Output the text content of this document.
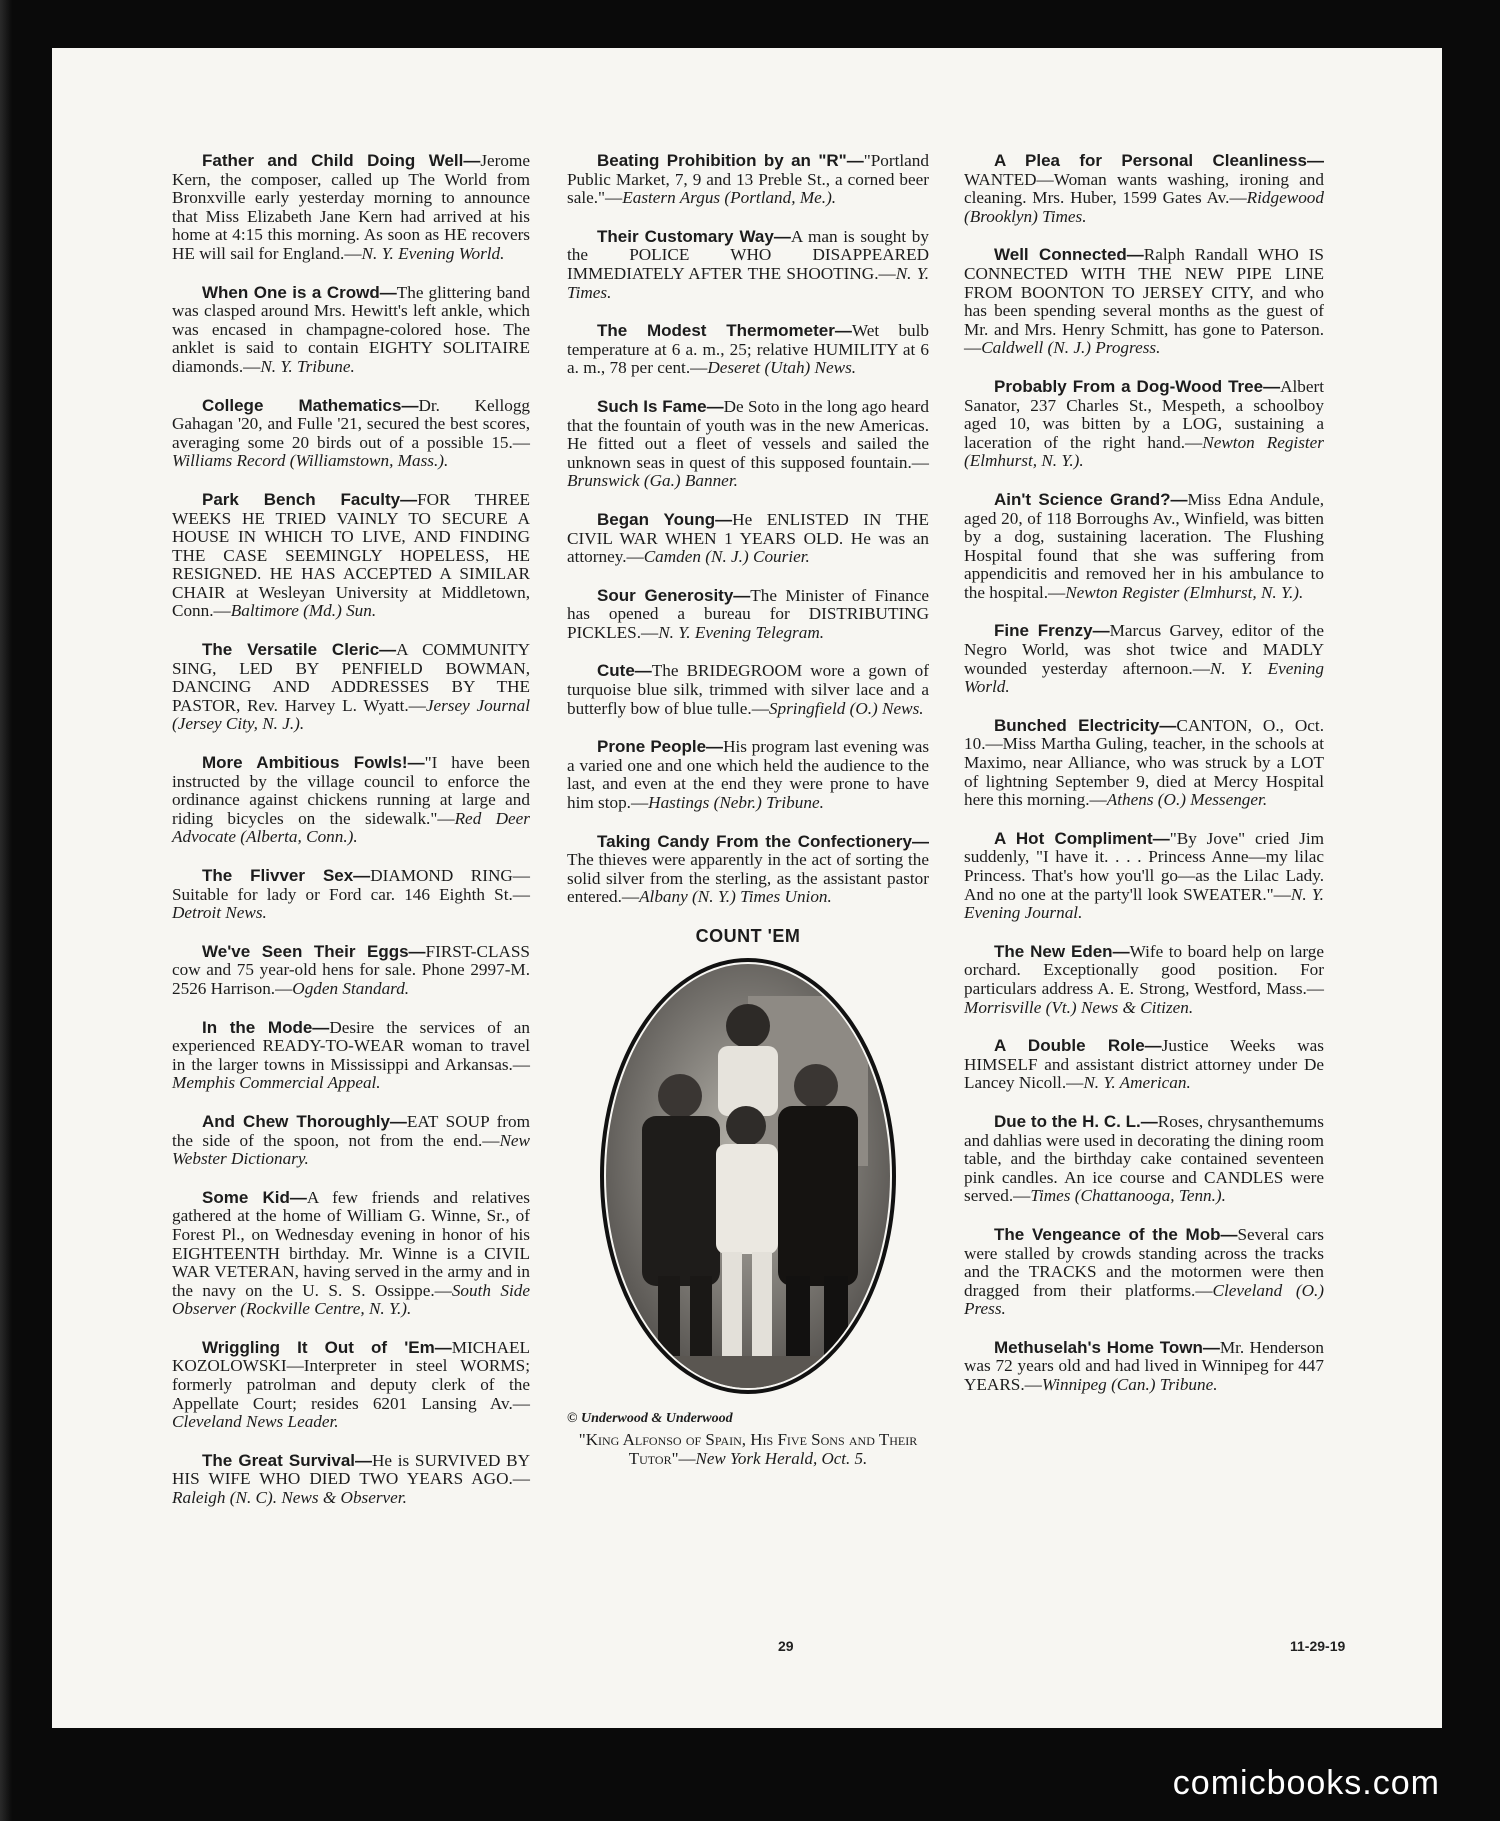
Father and Child Doing Well—Jerome Kern, the composer, called up The World from Bronxville early yesterday morning to announce that Miss Elizabeth Jane Kern had arrived at his home at 4:15 this morning. As soon as HE recovers HE will sail for England.—N. Y. Evening World.
When One is a Crowd—The glittering band was clasped around Mrs. Hewitt's left ankle, which was encased in champagne-colored hose. The anklet is said to contain EIGHTY SOLITAIRE diamonds.—N. Y. Tribune.
College Mathematics—Dr. Kellogg Gahagan '20, and Fulle '21, secured the best scores, averaging some 20 birds out of a possible 15.—Williams Record (Williamstown, Mass.).
Park Bench Faculty—FOR THREE WEEKS HE TRIED VAINLY TO SECURE A HOUSE IN WHICH TO LIVE, AND FINDING THE CASE SEEMINGLY HOPELESS, HE RESIGNED. HE HAS ACCEPTED A SIMILAR CHAIR at Wesleyan University at Middletown, Conn.—Baltimore (Md.) Sun.
The Versatile Cleric—A COMMUNITY SING, LED BY PENFIELD BOWMAN, DANCING AND ADDRESSES BY THE PASTOR, Rev. Harvey L. Wyatt.—Jersey Journal (Jersey City, N. J.).
More Ambitious Fowls!—"I have been instructed by the village council to enforce the ordinance against chickens running at large and riding bicycles on the sidewalk."—Red Deer Advocate (Alberta, Conn.).
The Flivver Sex—DIAMOND RING—Suitable for lady or Ford car. 146 Eighth St.—Detroit News.
We've Seen Their Eggs—FIRST-CLASS cow and 75 year-old hens for sale. Phone 2997-M. 2526 Harrison.—Ogden Standard.
In the Mode—Desire the services of an experienced READY-TO-WEAR woman to travel in the larger towns in Mississippi and Arkansas.—Memphis Commercial Appeal.
And Chew Thoroughly—EAT SOUP from the side of the spoon, not from the end.—New Webster Dictionary.
Some Kid—A few friends and relatives gathered at the home of William G. Winne, Sr., of Forest Pl., on Wednesday evening in honor of his EIGHTEENTH birthday. Mr. Winne is a CIVIL WAR VETERAN, having served in the army and in the navy on the U. S. S. Ossippe.—South Side Observer (Rockville Centre, N. Y.).
Wriggling It Out of 'Em—MICHAEL KOZOLOWSKI—Interpreter in steel WORMS; formerly patrolman and deputy clerk of the Appellate Court; resides 6201 Lansing Av.—Cleveland News Leader.
The Great Survival—He is SURVIVED BY HIS WIFE WHO DIED TWO YEARS AGO.—Raleigh (N. C). News & Observer.
Beating Prohibition by an "R"—"Portland Public Market, 7, 9 and 13 Preble St., a corned beer sale."—Eastern Argus (Portland, Me.).
Their Customary Way—A man is sought by the POLICE WHO DISAPPEARED IMMEDIATELY AFTER THE SHOOTING.—N. Y. Times.
The Modest Thermometer—Wet bulb temperature at 6 a. m., 25; relative HUMILITY at 6 a. m., 78 per cent.—Deseret (Utah) News.
Such Is Fame—De Soto in the long ago heard that the fountain of youth was in the new Americas. He fitted out a fleet of vessels and sailed the unknown seas in quest of this supposed fountain.—Brunswick (Ga.) Banner.
Began Young—He ENLISTED IN THE CIVIL WAR WHEN 1 YEARS OLD. He was an attorney.—Camden (N. J.) Courier.
Sour Generosity—The Minister of Finance has opened a bureau for DISTRIBUTING PICKLES.—N. Y. Evening Telegram.
Cute—The BRIDEGROOM wore a gown of turquoise blue silk, trimmed with silver lace and a butterfly bow of blue tulle.—Springfield (O.) News.
Prone People—His program last evening was a varied one and one which held the audience to the last, and even at the end they were prone to have him stop.—Hastings (Nebr.) Tribune.
Taking Candy From the Confectionery—The thieves were apparently in the act of sorting the solid silver from the sterling, as the assistant pastor entered.—Albany (N. Y.) Times Union.
COUNT 'EM
© Underwood & Underwood
"King Alfonso of Spain, His Five Sons and Their Tutor"—New York Herald, Oct. 5.
A Plea for Personal Cleanliness—WANTED—Woman wants washing, ironing and cleaning. Mrs. Huber, 1599 Gates Av.—Ridgewood (Brooklyn) Times.
Well Connected—Ralph Randall WHO IS CONNECTED WITH THE NEW PIPE LINE FROM BOONTON TO JERSEY CITY, and who has been spending several months as the guest of Mr. and Mrs. Henry Schmitt, has gone to Paterson.—Caldwell (N. J.) Progress.
Probably From a Dog-Wood Tree—Albert Sanator, 237 Charles St., Mespeth, a schoolboy aged 10, was bitten by a LOG, sustaining a laceration of the right hand.—Newton Register (Elmhurst, N. Y.).
Ain't Science Grand?—Miss Edna Andule, aged 20, of 118 Borroughs Av., Winfield, was bitten by a dog, sustaining laceration. The Flushing Hospital found that she was suffering from appendicitis and removed her in his ambulance to the hospital.—Newton Register (Elmhurst, N. Y.).
Fine Frenzy—Marcus Garvey, editor of the Negro World, was shot twice and MADLY wounded yesterday afternoon.—N. Y. Evening World.
Bunched Electricity—CANTON, O., Oct. 10.—Miss Martha Guling, teacher, in the schools at Maximo, near Alliance, who was struck by a LOT of lightning September 9, died at Mercy Hospital here this morning.—Athens (O.) Messenger.
A Hot Compliment—"By Jove" cried Jim suddenly, "I have it. . . . Princess Anne—my lilac Princess. That's how you'll go—as the Lilac Lady. And no one at the party'll look SWEATER."—N. Y. Evening Journal.
The New Eden—Wife to board help on large orchard. Exceptionally good position. For particulars address A. E. Strong, Westford, Mass.—Morrisville (Vt.) News & Citizen.
A Double Role—Justice Weeks was HIMSELF and assistant district attorney under De Lancey Nicoll.—N. Y. American.
Due to the H. C. L.—Roses, chrysanthemums and dahlias were used in decorating the dining room table, and the birthday cake contained seventeen pink candles. An ice course and CANDLES were served.—Times (Chattanooga, Tenn.).
The Vengeance of the Mob—Several cars were stalled by crowds standing across the tracks and the TRACKS and the motormen were then dragged from their platforms.—Cleveland (O.) Press.
Methuselah's Home Town—Mr. Henderson was 72 years old and had lived in Winnipeg for 447 YEARS.—Winnipeg (Can.) Tribune.
29	11-29-19
comicbooks.com
